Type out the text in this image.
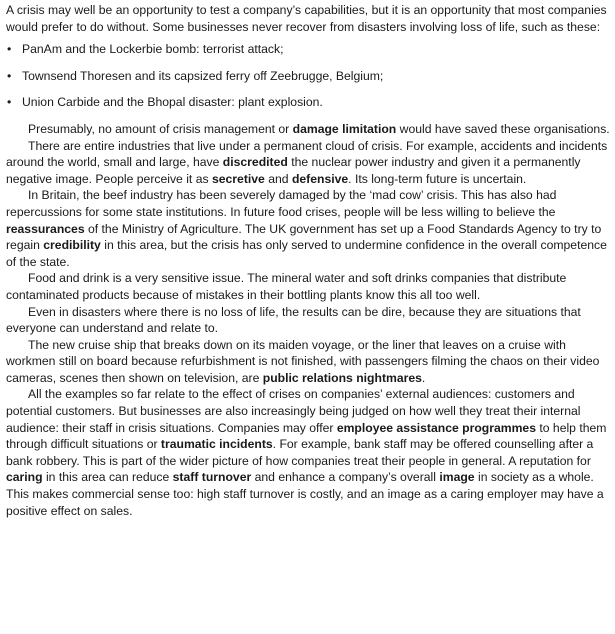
A crisis may well be an opportunity to test a company’s capabilities, but it is an opportunity that most companies would prefer to do without. Some businesses never recover from disasters involving loss of life, such as these:

• PanAm and the Lockerbie bomb: terrorist attack;
• Townsend Thoresen and its capsized ferry off Zeebrugge, Belgium;
• Union Carbide and the Bhopal disaster: plant explosion.

Presumably, no amount of crisis management or damage limitation would have saved these organisations.

There are entire industries that live under a permanent cloud of crisis. For example, accidents and incidents around the world, small and large, have discredited the nuclear power industry and given it a permanently negative image. People perceive it as secretive and defensive. Its long-term future is uncertain.

In Britain, the beef industry has been severely damaged by the ‘mad cow’ crisis. This has also had repercussions for some state institutions. In future food crises, people will be less willing to believe the reassurances of the Ministry of Agriculture. The UK government has set up a Food Standards Agency to try to regain credibility in this area, but the crisis has only served to undermine confidence in the overall competence of the state.

Food and drink is a very sensitive issue. The mineral water and soft drinks companies that distribute contaminated products because of mistakes in their bottling plants know this all too well.

Even in disasters where there is no loss of life, the results can be dire, because they are situations that everyone can understand and relate to.

The new cruise ship that breaks down on its maiden voyage, or the liner that leaves on a cruise with workmen still on board because refurbishment is not finished, with passengers filming the chaos on their video cameras, scenes then shown on television, are public relations nightmares.

All the examples so far relate to the effect of crises on companies’ external audiences: customers and potential customers. But businesses are also increasingly being judged on how well they treat their internal audience: their staff in crisis situations. Companies may offer employee assistance programmes to help them through difficult situations or traumatic incidents. For example, bank staff may be offered counselling after a bank robbery. This is part of the wider picture of how companies treat their people in general. A reputation for caring in this area can reduce staff turnover and enhance a company’s overall image in society as a whole. This makes commercial sense too: high staff turnover is costly, and an image as a caring employer may have a positive effect on sales.
